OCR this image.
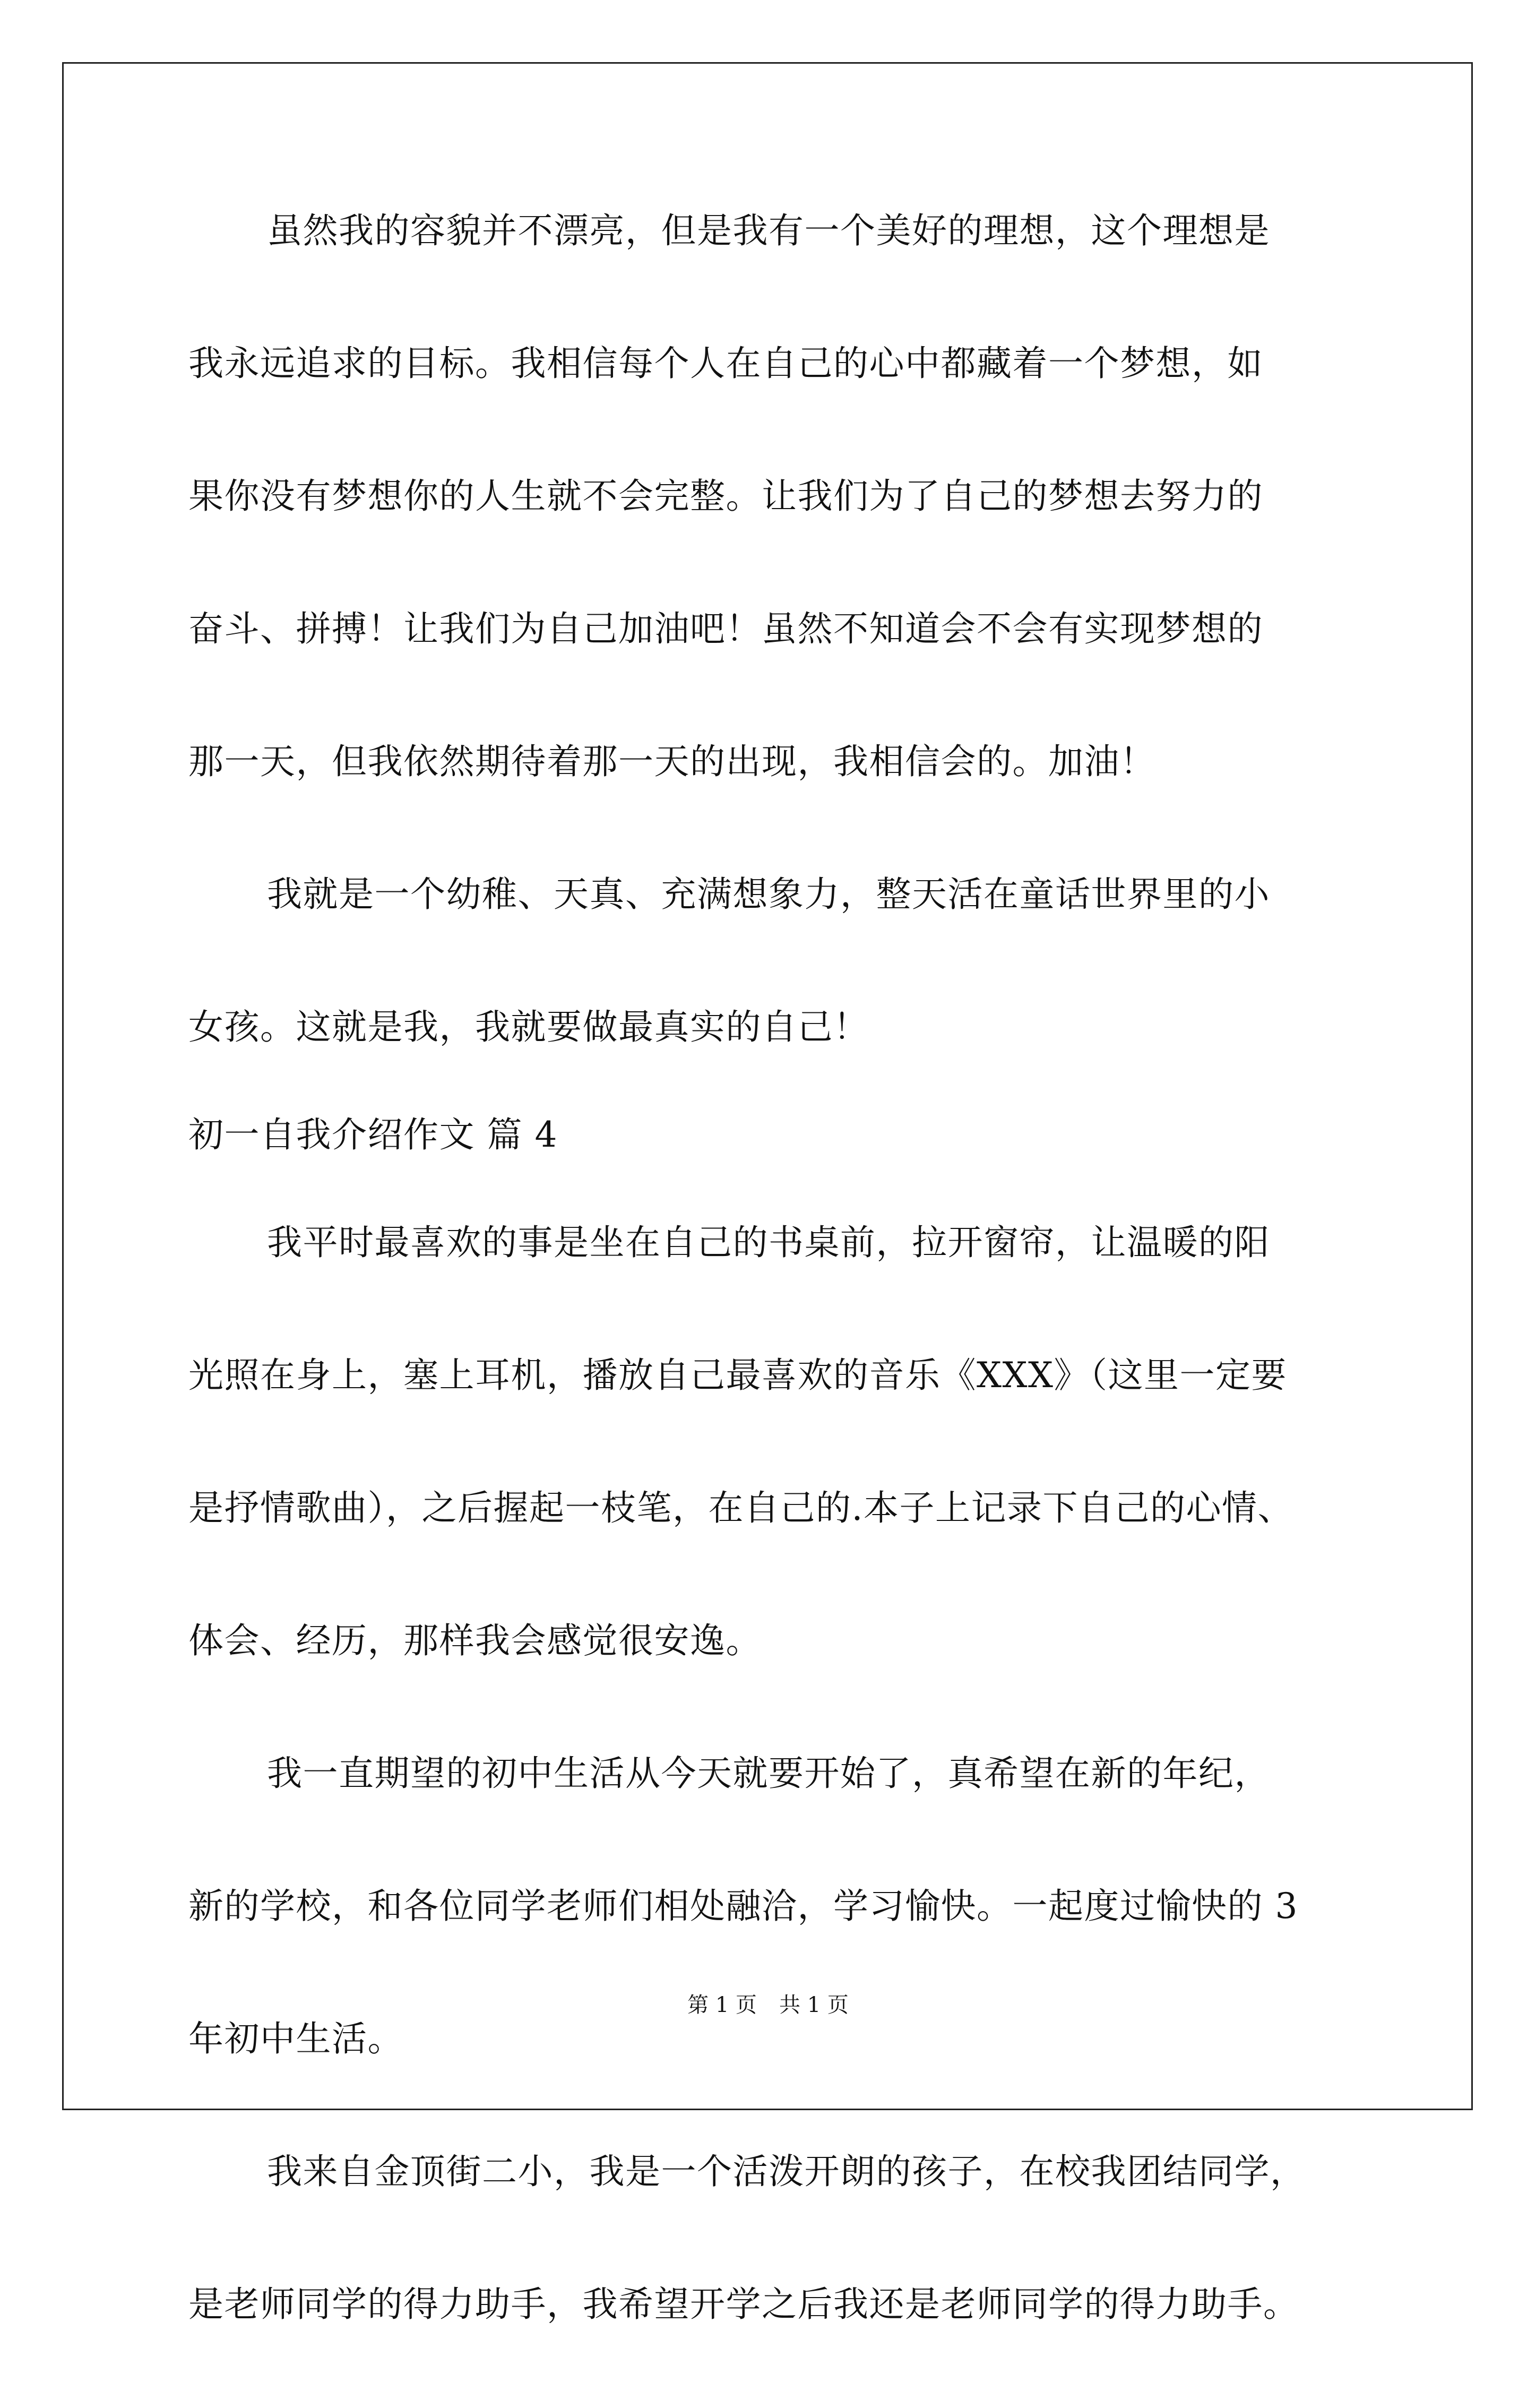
虽然我的容貌并不漂亮，但是我有一个美好的理想，这个理想是
我永远追求的目标。我相信每个人在自己的心中都藏着一个梦想，如
果你没有梦想你的人生就不会完整。让我们为了自己的梦想去努力的
奋斗、拼搏！让我们为自己加油吧！虽然不知道会不会有实现梦想的
那一天，但我依然期待着那一天的出现，我相信会的。加油！
我就是一个幼稚、天真、充满想象力，整天活在童话世界里的小
女孩。这就是我，我就要做最真实的自己！
初一自我介绍作文 篇 4
我平时最喜欢的事是坐在自己的书桌前，拉开窗帘，让温暖的阳
光照在身上，塞上耳机，播放自己最喜欢的音乐《XXX》（这里一定要
是抒情歌曲），之后握起一枝笔，在自己的.本子上记录下自己的心情、
体会、经历，那样我会感觉很安逸。
我一直期望的初中生活从今天就要开始了，真希望在新的年纪，
新的学校，和各位同学老师们相处融洽，学习愉快。一起度过愉快的 3
年初中生活。
我来自金顶街二小，我是一个活泼开朗的孩子，在校我团结同学，
是老师同学的得力助手，我希望开学之后我还是老师同学的得力助手。
第 1 页 共 1 页
